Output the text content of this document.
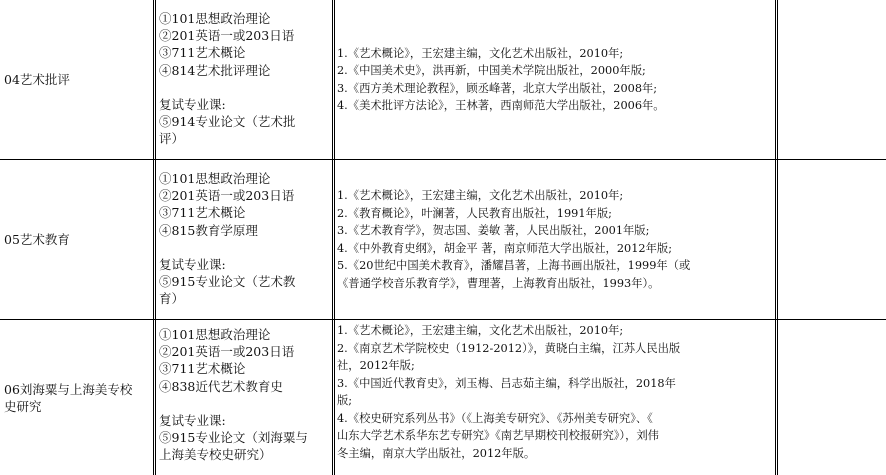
04艺术批评
①101思想政治理论
②201英语一或203日语
③711艺术概论
④814艺术批评理论
复试专业课:
⑤914专业论文（艺术批
评）
1.《艺术概论》，王宏建主编，文化艺术出版社，2010年;
2.《中国美术史》，洪再新，中国美术学院出版社，2000年版;
3.《西方美术理论教程》，顾丞峰著，北京大学出版社，2008年;
4.《美术批评方法论》，王林著，西南师范大学出版社，2006年。
05艺术教育
①101思想政治理论
②201英语一或203日语
③711艺术概论
④815教育学原理
复试专业课:
⑤915专业论文（艺术教
育）
1.《艺术概论》，王宏建主编，文化艺术出版社，2010年;
2.《教育概论》，叶澜著，人民教育出版社，1991年版;
3.《艺术教育学》，贺志国、姜敏 著，人民出版社，2001年版;
4.《中外教育史纲》，胡金平 著，南京师范大学出版社，2012年版;
5.《20世纪中国美术教育》，潘耀昌著，上海书画出版社，1999年（或
《普通学校音乐教育学》，曹理著，上海教育出版社，1993年）。
06刘海粟与上海美专校史研究
①101思想政治理论
②201英语一或203日语
③711艺术概论
④838近代艺术教育史
复试专业课:
⑤915专业论文（刘海粟与
上海美专校史研究）
1.《艺术概论》，王宏建主编，文化艺术出版社，2010年;
2.《南京艺术学院校史（1912-2012）》，黄晓白主编，江苏人民出版
社，2012年版;
3.《中国近代教育史》，刘玉梅、吕志茹主编，科学出版社，2018年
版;
4.《校史研究系列丛书》（《上海美专研究》、《苏州美专研究》、《
山东大学艺术系华东艺专研究》《南艺早期校刊校报研究》），刘伟
冬主编，南京大学出版社，2012年版。
